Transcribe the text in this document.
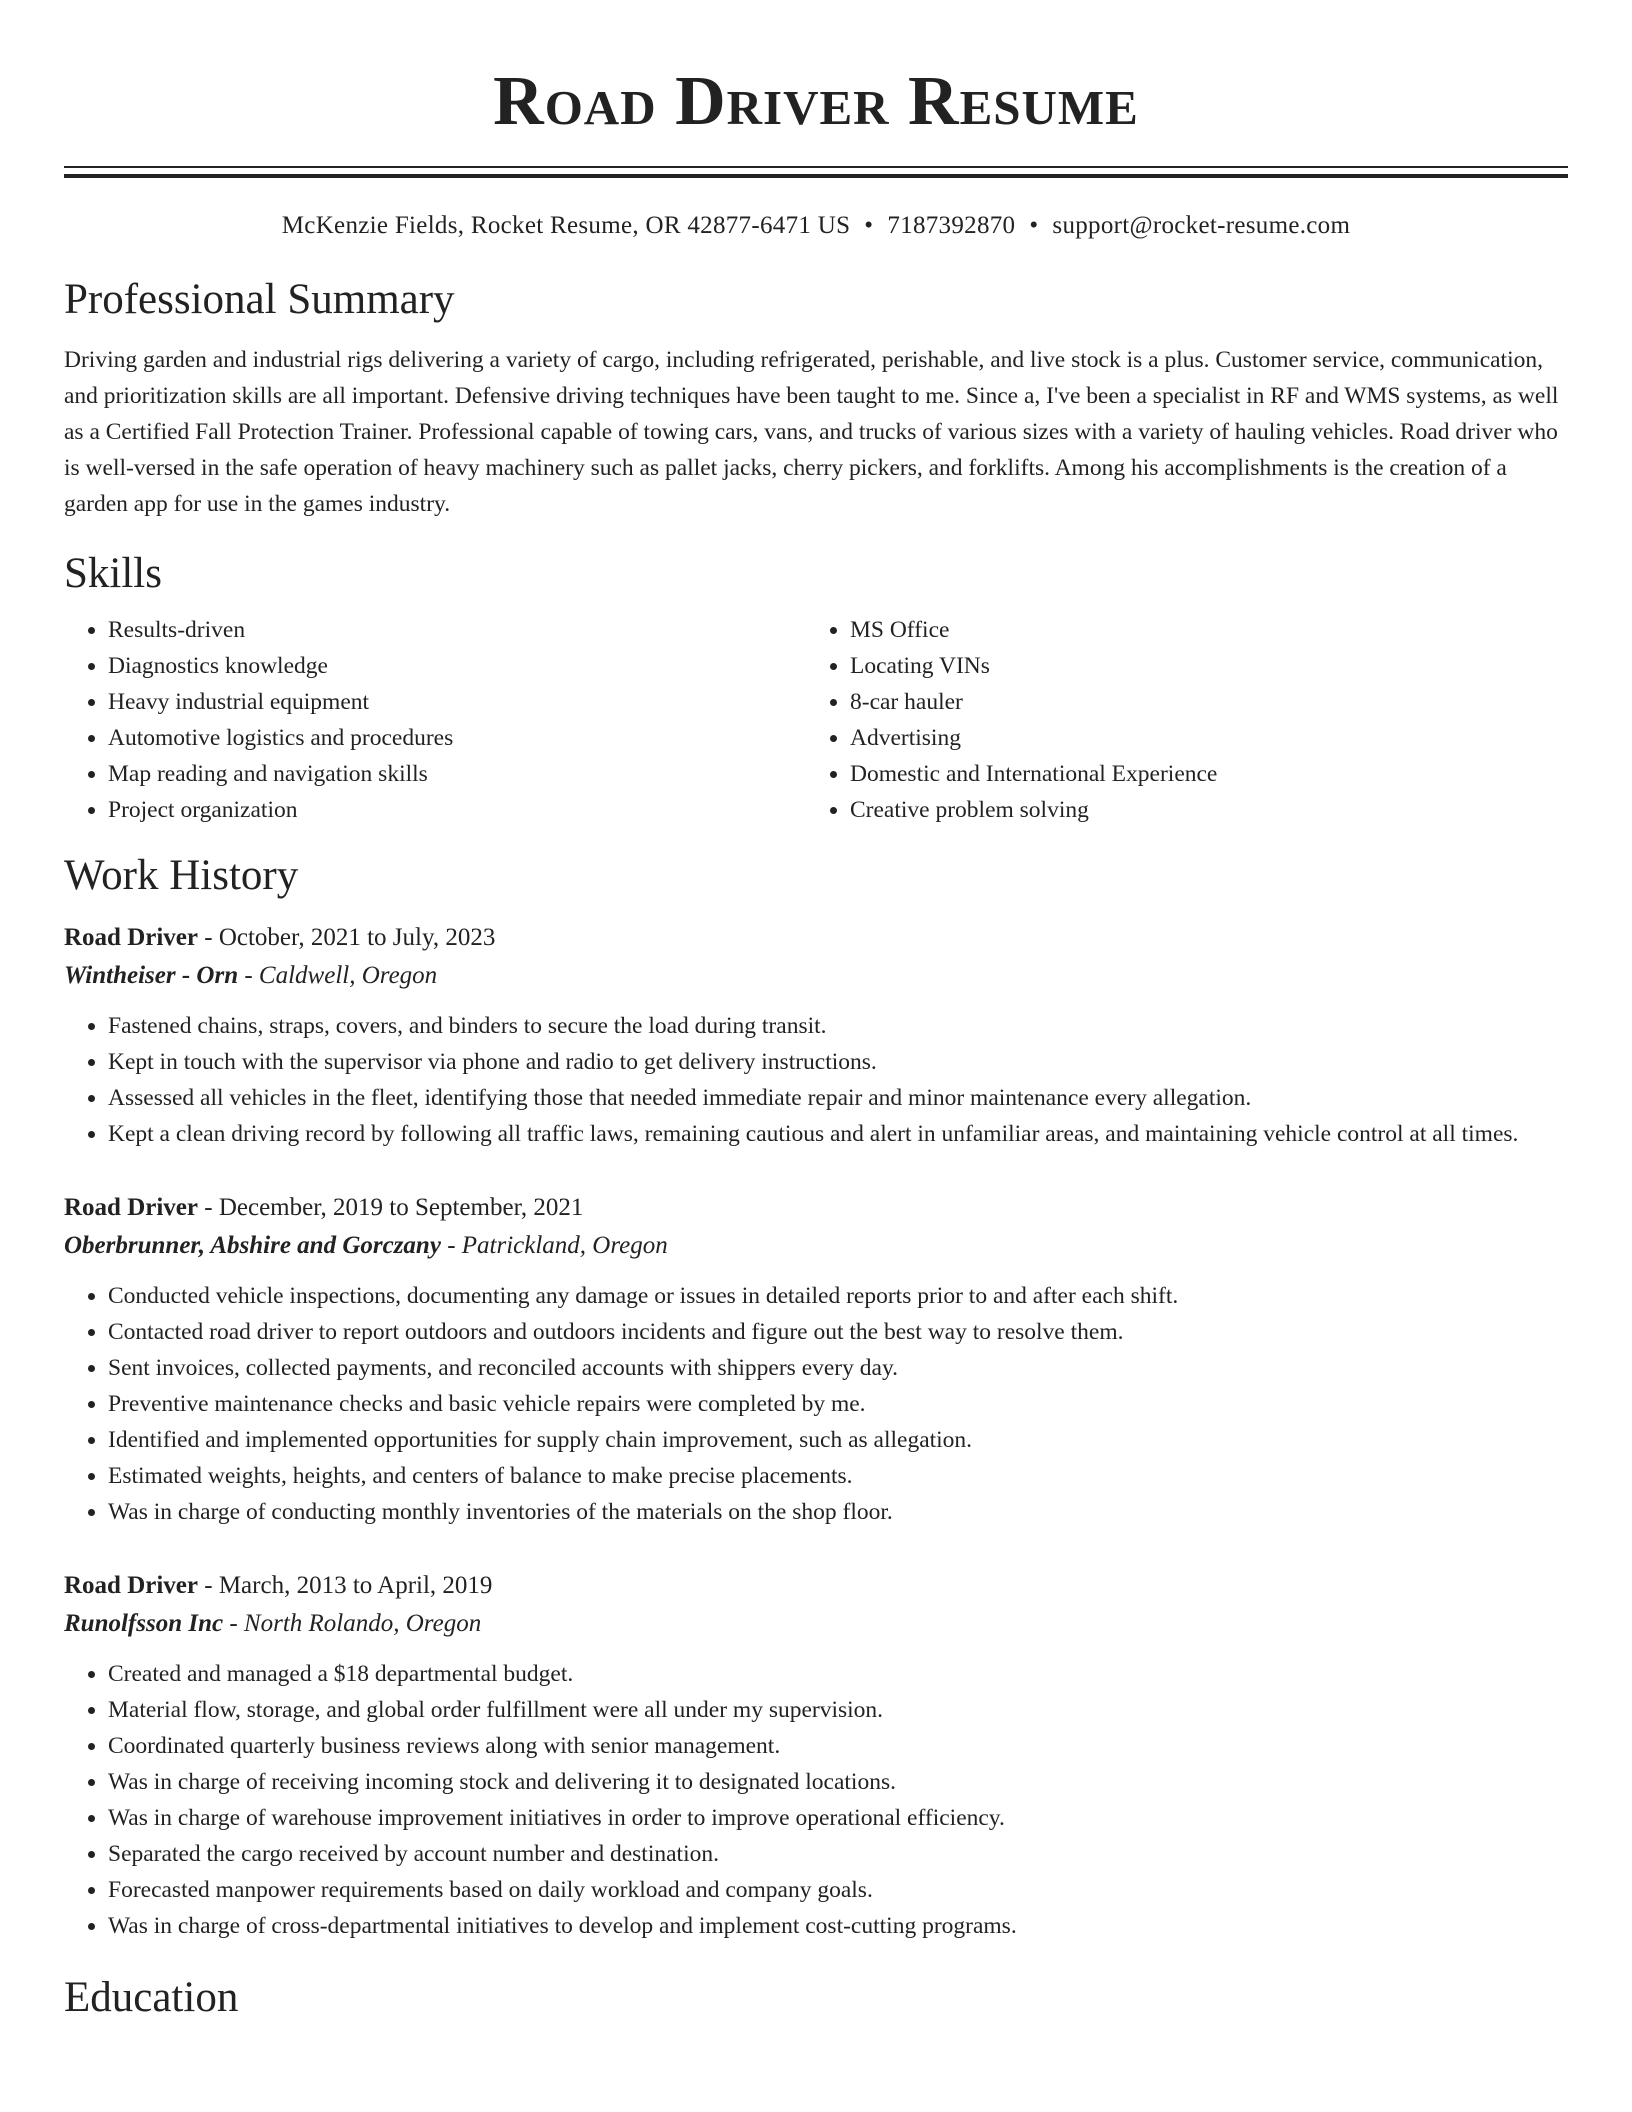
Road Driver Resume
McKenzie Fields, Rocket Resume, OR 42877-6471 US • 7187392870 • support@rocket-resume.com
Professional Summary
Driving garden and industrial rigs delivering a variety of cargo, including refrigerated, perishable, and live stock is a plus. Customer service, communication, and prioritization skills are all important. Defensive driving techniques have been taught to me. Since a, I've been a specialist in RF and WMS systems, as well as a Certified Fall Protection Trainer. Professional capable of towing cars, vans, and trucks of various sizes with a variety of hauling vehicles. Road driver who is well-versed in the safe operation of heavy machinery such as pallet jacks, cherry pickers, and forklifts. Among his accomplishments is the creation of a garden app for use in the games industry.
Skills
• Results-driven
• Diagnostics knowledge
• Heavy industrial equipment
• Automotive logistics and procedures
• Map reading and navigation skills
• Project organization
• MS Office
• Locating VINs
• 8-car hauler
• Advertising
• Domestic and International Experience
• Creative problem solving
Work History
Road Driver - October, 2021 to July, 2023
Wintheiser - Orn - Caldwell, Oregon
• Fastened chains, straps, covers, and binders to secure the load during transit.
• Kept in touch with the supervisor via phone and radio to get delivery instructions.
• Assessed all vehicles in the fleet, identifying those that needed immediate repair and minor maintenance every allegation.
• Kept a clean driving record by following all traffic laws, remaining cautious and alert in unfamiliar areas, and maintaining vehicle control at all times.
Road Driver - December, 2019 to September, 2021
Oberbrunner, Abshire and Gorczany - Patrickland, Oregon
• Conducted vehicle inspections, documenting any damage or issues in detailed reports prior to and after each shift.
• Contacted road driver to report outdoors and outdoors incidents and figure out the best way to resolve them.
• Sent invoices, collected payments, and reconciled accounts with shippers every day.
• Preventive maintenance checks and basic vehicle repairs were completed by me.
• Identified and implemented opportunities for supply chain improvement, such as allegation.
• Estimated weights, heights, and centers of balance to make precise placements.
• Was in charge of conducting monthly inventories of the materials on the shop floor.
Road Driver - March, 2013 to April, 2019
Runolfsson Inc - North Rolando, Oregon
• Created and managed a $18 departmental budget.
• Material flow, storage, and global order fulfillment were all under my supervision.
• Coordinated quarterly business reviews along with senior management.
• Was in charge of receiving incoming stock and delivering it to designated locations.
• Was in charge of warehouse improvement initiatives in order to improve operational efficiency.
• Separated the cargo received by account number and destination.
• Forecasted manpower requirements based on daily workload and company goals.
• Was in charge of cross-departmental initiatives to develop and implement cost-cutting programs.
Education
